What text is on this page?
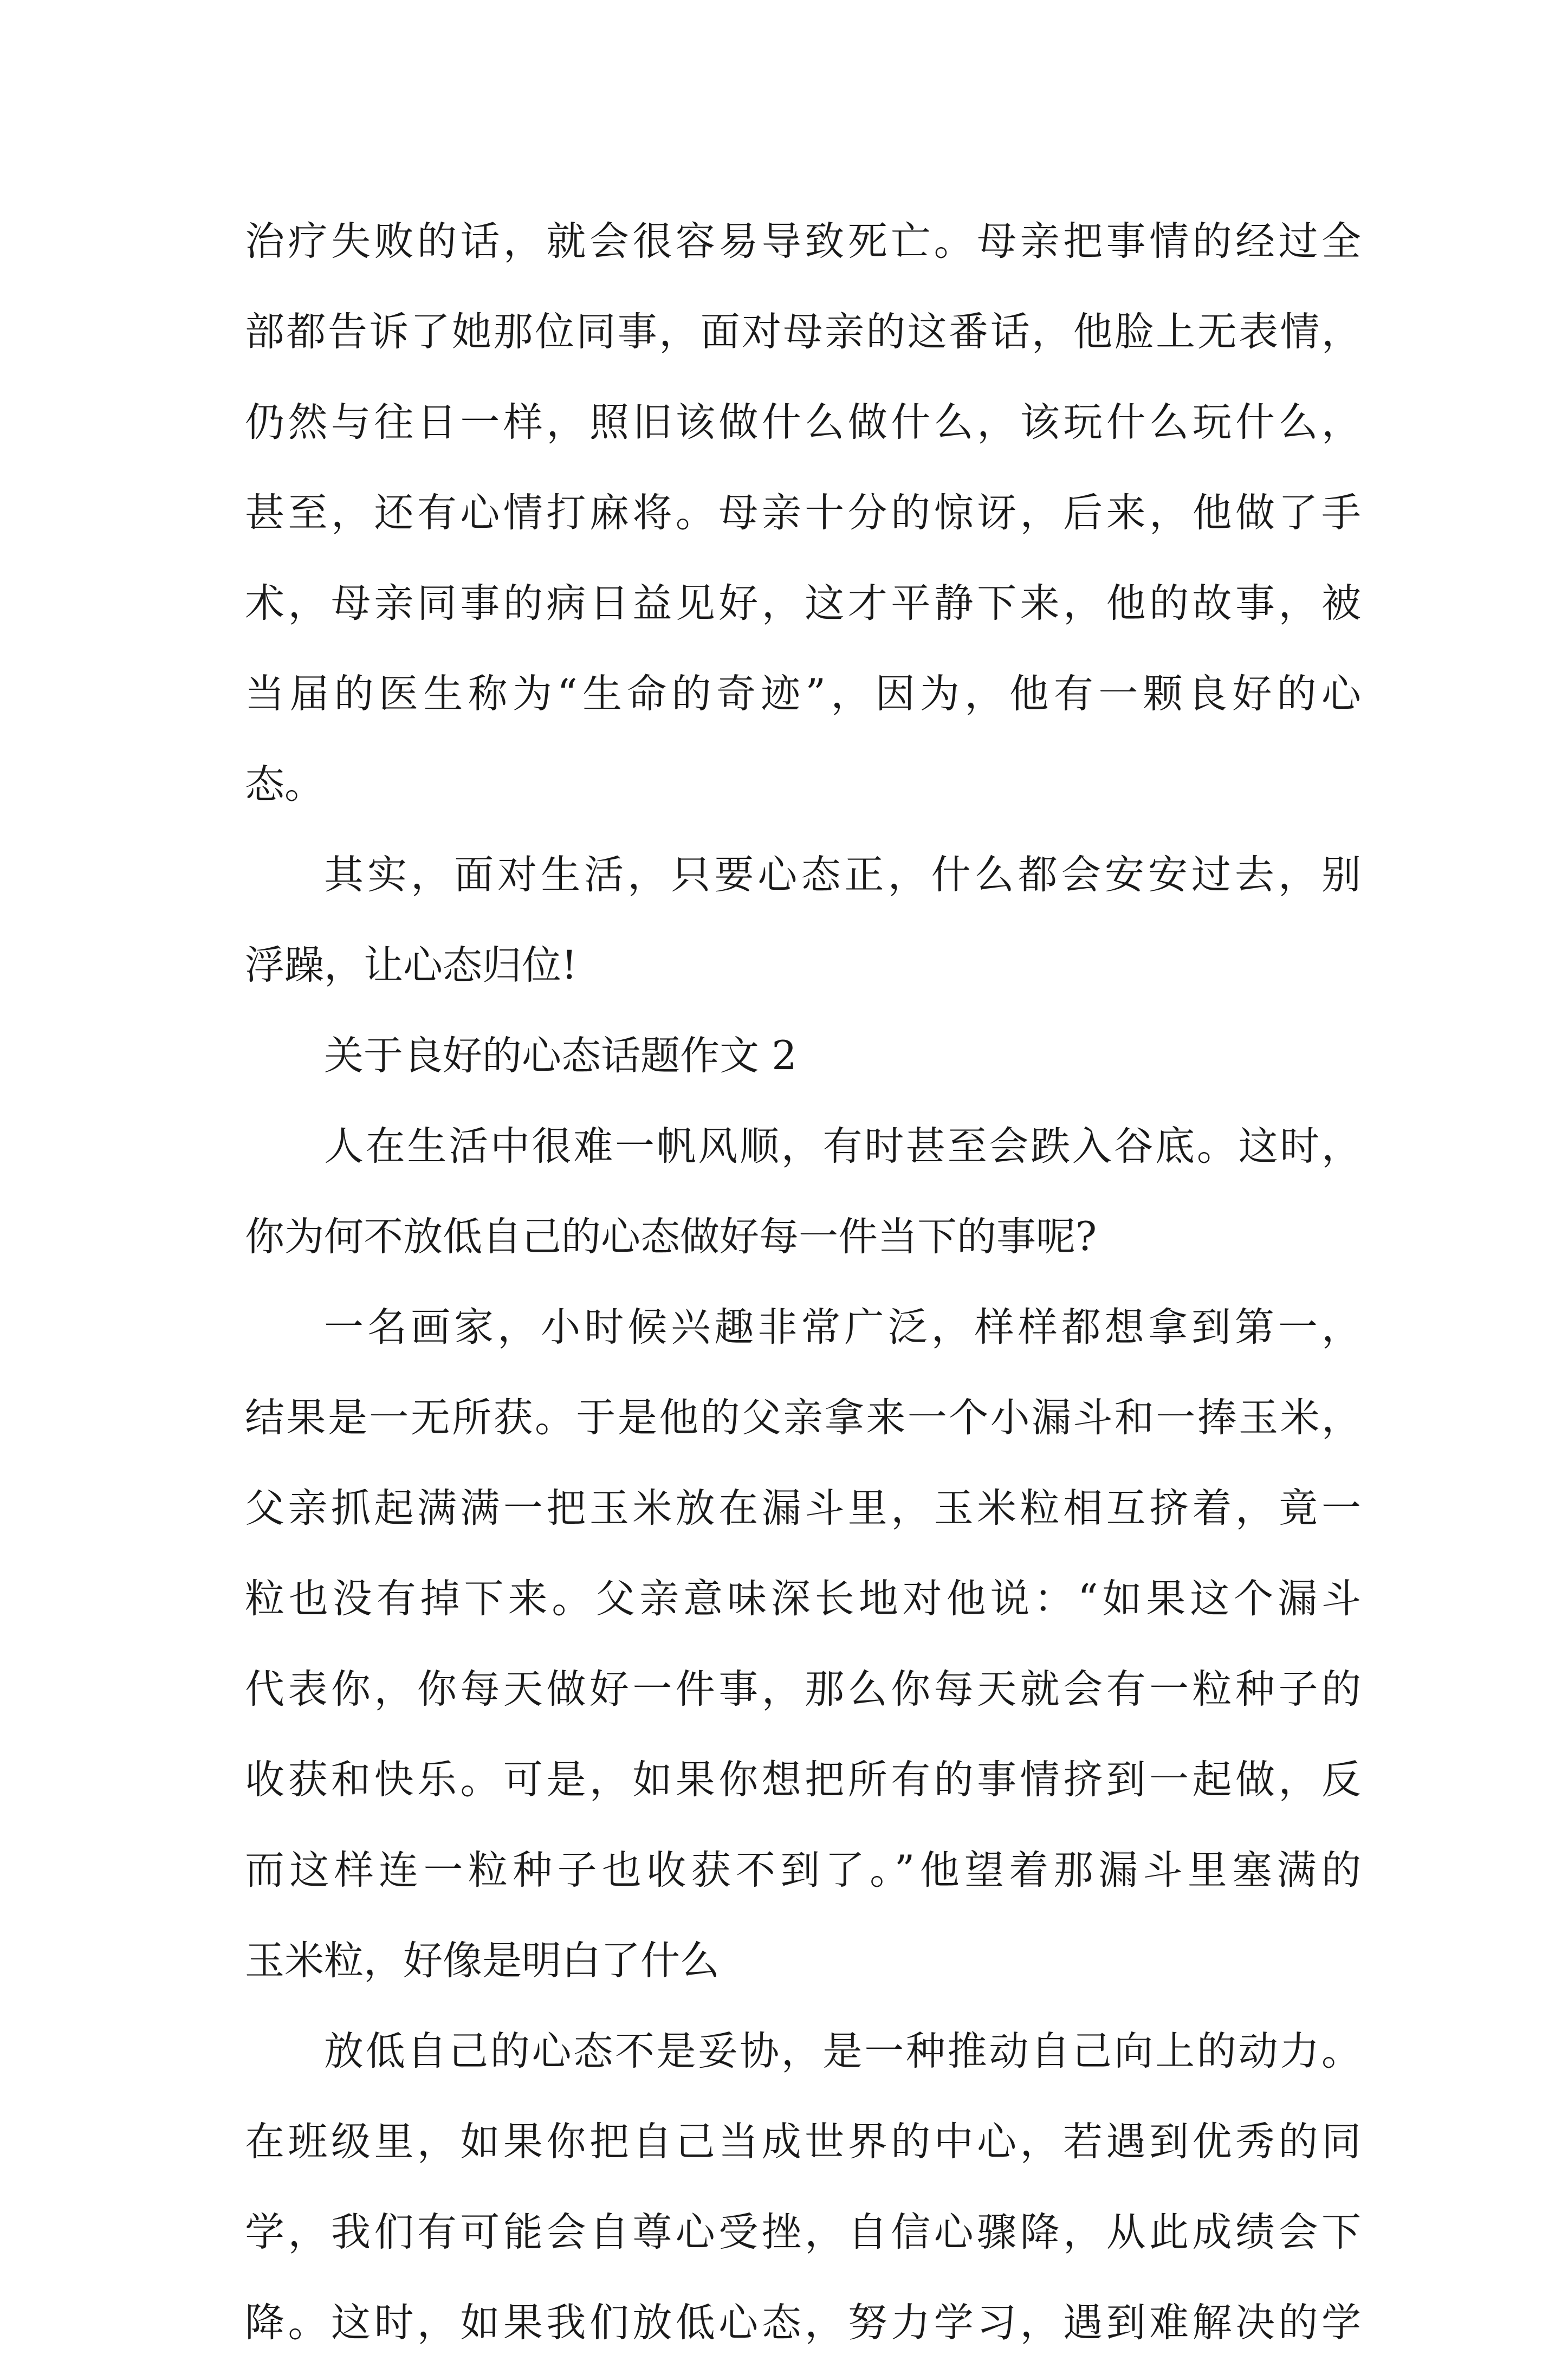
治疗失败的话，就会很容易导致死亡。母亲把事情的经过全
部都告诉了她那位同事，面对母亲的这番话，他脸上无表情，
仍然与往日一样，照旧该做什么做什么，该玩什么玩什么，
甚至，还有心情打麻将。母亲十分的惊讶，后来，他做了手
术，母亲同事的病日益见好，这才平静下来，他的故事，被
当届的医生称为“生命的奇迹”，因为，他有一颗良好的心
态。
其实，面对生活，只要心态正，什么都会安安过去，别
浮躁，让心态归位!
关于良好的心态话题作文 2
人在生活中很难一帆风顺，有时甚至会跌入谷底。这时，
你为何不放低自己的心态做好每一件当下的事呢?
一名画家，小时候兴趣非常广泛，样样都想拿到第一，
结果是一无所获。于是他的父亲拿来一个小漏斗和一捧玉米，
父亲抓起满满一把玉米放在漏斗里，玉米粒相互挤着，竟一
粒也没有掉下来。父亲意味深长地对他说：“如果这个漏斗
代表你，你每天做好一件事，那么你每天就会有一粒种子的
收获和快乐。可是，如果你想把所有的事情挤到一起做，反
而这样连一粒种子也收获不到了。”他望着那漏斗里塞满的
玉米粒，好像是明白了什么
放低自己的心态不是妥协，是一种推动自己向上的动力。
在班级里，如果你把自己当成世界的中心，若遇到优秀的同
学，我们有可能会自尊心受挫，自信心骤降，从此成绩会下
降。这时，如果我们放低心态，努力学习，遇到难解决的学
